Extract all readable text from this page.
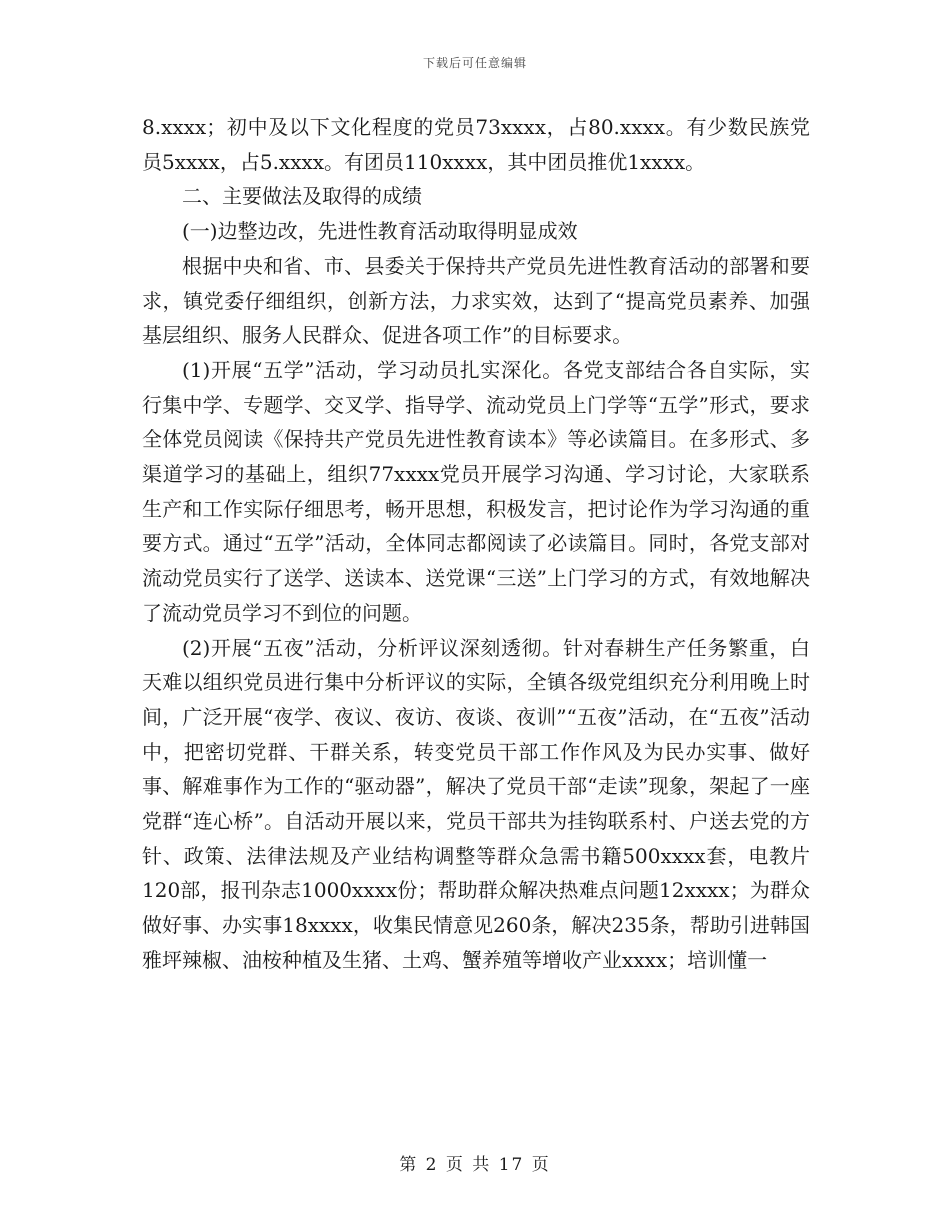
下载后可任意编辑

8.xxxx；初中及以下文化程度的党员73xxxx，占80.xxxx。有少数民族党员5xxxx，占5.xxxx。有团员110xxxx，其中团员推优1xxxx。

二、主要做法及取得的成绩

(一)边整边改，先进性教育活动取得明显成效

根据中央和省、市、县委关于保持共产党员先进性教育活动的部署和要求，镇党委仔细组织，创新方法，力求实效，达到了“提高党员素养、加强基层组织、服务人民群众、促进各项工作”的目标要求。

(1)开展“五学”活动，学习动员扎实深化。各党支部结合各自实际，实行集中学、专题学、交叉学、指导学、流动党员上门学等“五学”形式，要求全体党员阅读《保持共产党员先进性教育读本》等必读篇目。在多形式、多渠道学习的基础上，组织77xxxx党员开展学习沟通、学习讨论，大家联系生产和工作实际仔细思考，畅开思想，积极发言，把讨论作为学习沟通的重要方式。通过“五学”活动，全体同志都阅读了必读篇目。同时，各党支部对流动党员实行了送学、送读本、送党课“三送”上门学习的方式，有效地解决了流动党员学习不到位的问题。

(2)开展“五夜”活动，分析评议深刻透彻。针对春耕生产任务繁重，白天难以组织党员进行集中分析评议的实际，全镇各级党组织充分利用晚上时间，广泛开展“夜学、夜议、夜访、夜谈、夜训”“五夜”活动，在“五夜”活动中，把密切党群、干群关系，转变党员干部工作作风及为民办实事、做好事、解难事作为工作的“驱动器”，解决了党员干部“走读”现象，架起了一座党群“连心桥”。自活动开展以来，党员干部共为挂钩联系村、户送去党的方针、政策、法律法规及产业结构调整等群众急需书籍500xxxx套，电教片120部，报刊杂志1000xxxx份；帮助群众解决热难点问题12xxxx；为群众做好事、办实事18xxxx，收集民情意见260条，解决235条，帮助引进韩国雅坪辣椒、油桉种植及生猪、土鸡、蟹养殖等增收产业xxxx；培训懂一

第 2 页 共 17 页
